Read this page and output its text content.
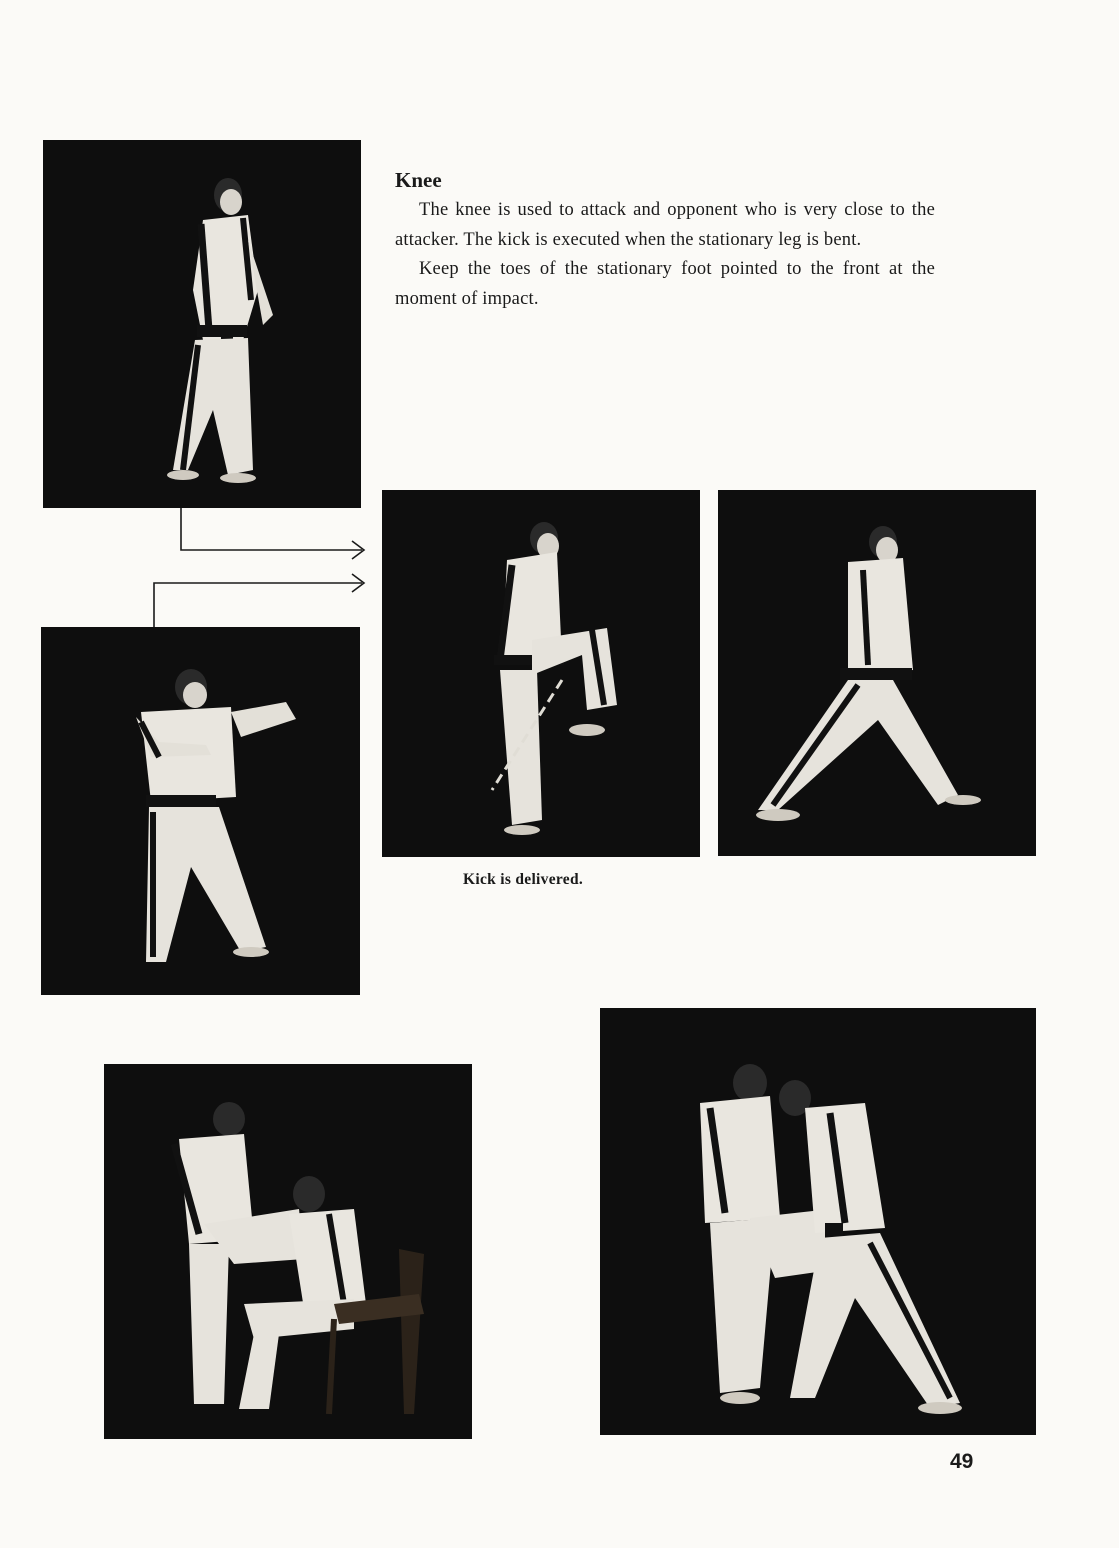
Knee

The knee is used to attack and opponent who is very close to the attacker. The kick is executed when the stationary leg is bent.

Keep the toes of the stationary foot pointed to the front at the moment of impact.

Kick is delivered.
49
